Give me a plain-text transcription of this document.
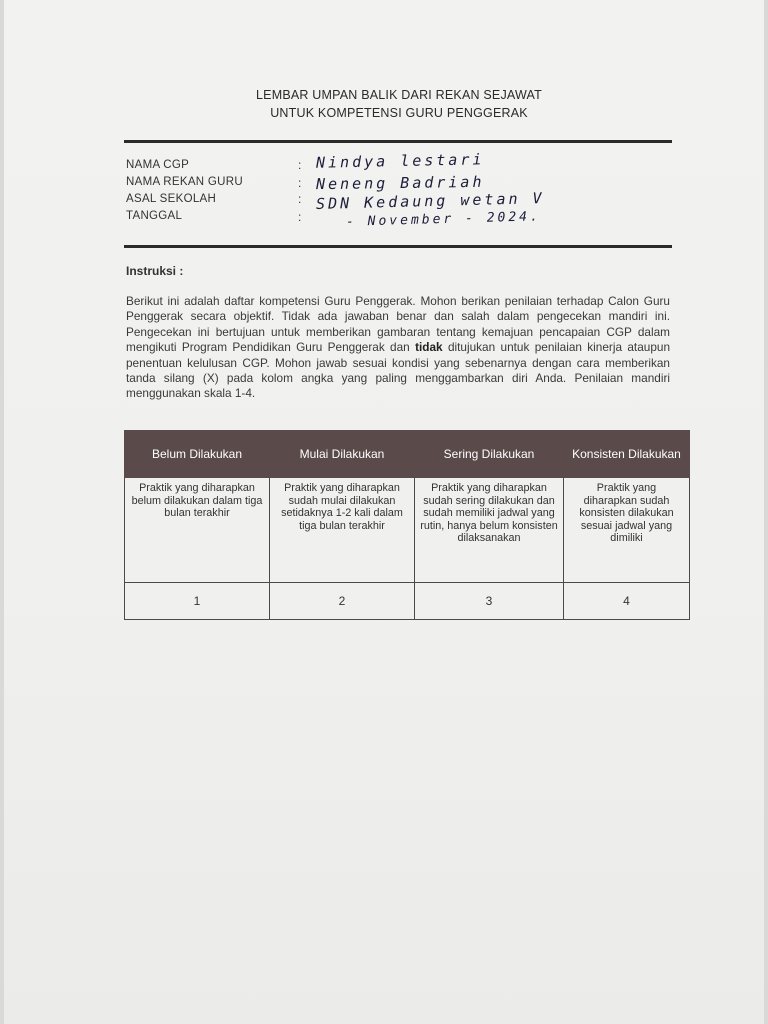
LEMBAR UMPAN BALIK DARI REKAN SEJAWAT
UNTUK KOMPETENSI GURU PENGGERAK
NAMA CGP	: Nindya lestari
NAMA REKAN GURU	: Neneng Badriah
ASAL SEKOLAH	: SDN Kedaung wetan V
TANGGAL	:	- November - 2024.
Instruksi :
Berikut ini adalah daftar kompetensi Guru Penggerak. Mohon berikan penilaian terhadap Calon Guru Penggerak secara objektif. Tidak ada jawaban benar dan salah dalam pengecekan mandiri ini. Pengecekan ini bertujuan untuk memberikan gambaran tentang kemajuan pencapaian CGP dalam mengikuti Program Pendidikan Guru Penggerak dan tidak ditujukan untuk penilaian kinerja ataupun penentuan kelulusan CGP. Mohon jawab sesuai kondisi yang sebenarnya dengan cara memberikan tanda silang (X) pada kolom angka yang paling menggambarkan diri Anda. Penilaian mandiri menggunakan skala 1-4.
Belum Dilakukan	Mulai Dilakukan	Sering Dilakukan	Konsisten Dilakukan
Praktik yang diharapkan belum dilakukan dalam tiga bulan terakhir	Praktik yang diharapkan sudah mulai dilakukan setidaknya 1-2 kali dalam tiga bulan terakhir	Praktik yang diharapkan sudah sering dilakukan dan sudah memiliki jadwal yang rutin, hanya belum konsisten dilaksanakan	Praktik yang diharapkan sudah konsisten dilakukan sesuai jadwal yang dimiliki
1	2	3	4
